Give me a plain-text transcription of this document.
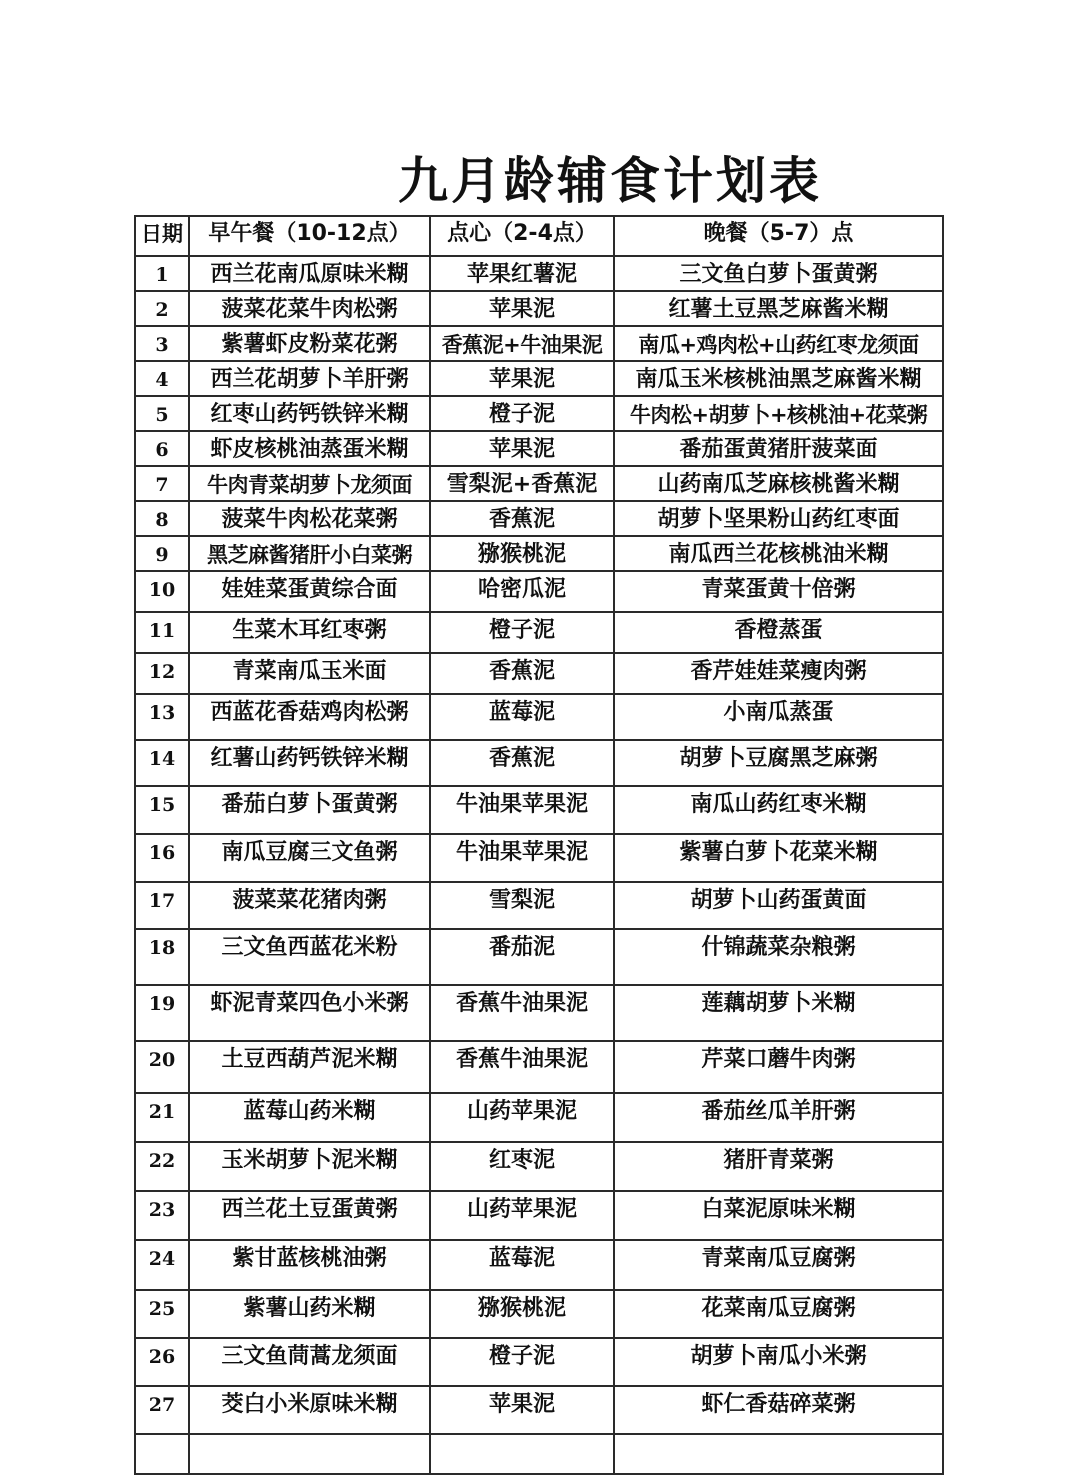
九月龄辅食计划表
日期	早午餐（10-12点）	点心（2-4点）	晚餐（5-7）点
1	西兰花南瓜原味米糊	苹果红薯泥	三文鱼白萝卜蛋黄粥
2	菠菜花菜牛肉松粥	苹果泥	红薯土豆黑芝麻酱米糊
3	紫薯虾皮粉菜花粥	香蕉泥+牛油果泥	南瓜+鸡肉松+山药红枣龙须面
4	西兰花胡萝卜羊肝粥	苹果泥	南瓜玉米核桃油黑芝麻酱米糊
5	红枣山药钙铁锌米糊	橙子泥	牛肉松+胡萝卜+核桃油+花菜粥
6	虾皮核桃油蒸蛋米糊	苹果泥	番茄蛋黄猪肝菠菜面
7	牛肉青菜胡萝卜龙须面	雪梨泥+香蕉泥	山药南瓜芝麻核桃酱米糊
8	菠菜牛肉松花菜粥	香蕉泥	胡萝卜坚果粉山药红枣面
9	黑芝麻酱猪肝小白菜粥	猕猴桃泥	南瓜西兰花核桃油米糊
10	娃娃菜蛋黄综合面	哈密瓜泥	青菜蛋黄十倍粥
11	生菜木耳红枣粥	橙子泥	香橙蒸蛋
12	青菜南瓜玉米面	香蕉泥	香芹娃娃菜瘦肉粥
13	西蓝花香菇鸡肉松粥	蓝莓泥	小南瓜蒸蛋
14	红薯山药钙铁锌米糊	香蕉泥	胡萝卜豆腐黑芝麻粥
15	番茄白萝卜蛋黄粥	牛油果苹果泥	南瓜山药红枣米糊
16	南瓜豆腐三文鱼粥	牛油果苹果泥	紫薯白萝卜花菜米糊
17	菠菜菜花猪肉粥	雪梨泥	胡萝卜山药蛋黄面
18	三文鱼西蓝花米粉	番茄泥	什锦蔬菜杂粮粥
19	虾泥青菜四色小米粥	香蕉牛油果泥	莲藕胡萝卜米糊
20	土豆西葫芦泥米糊	香蕉牛油果泥	芹菜口蘑牛肉粥
21	蓝莓山药米糊	山药苹果泥	番茄丝瓜羊肝粥
22	玉米胡萝卜泥米糊	红枣泥	猪肝青菜粥
23	西兰花土豆蛋黄粥	山药苹果泥	白菜泥原味米糊
24	紫甘蓝核桃油粥	蓝莓泥	青菜南瓜豆腐粥
25	紫薯山药米糊	猕猴桃泥	花菜南瓜豆腐粥
26	三文鱼茼蒿龙须面	橙子泥	胡萝卜南瓜小米粥
27	茭白小米原味米糊	苹果泥	虾仁香菇碎菜粥
